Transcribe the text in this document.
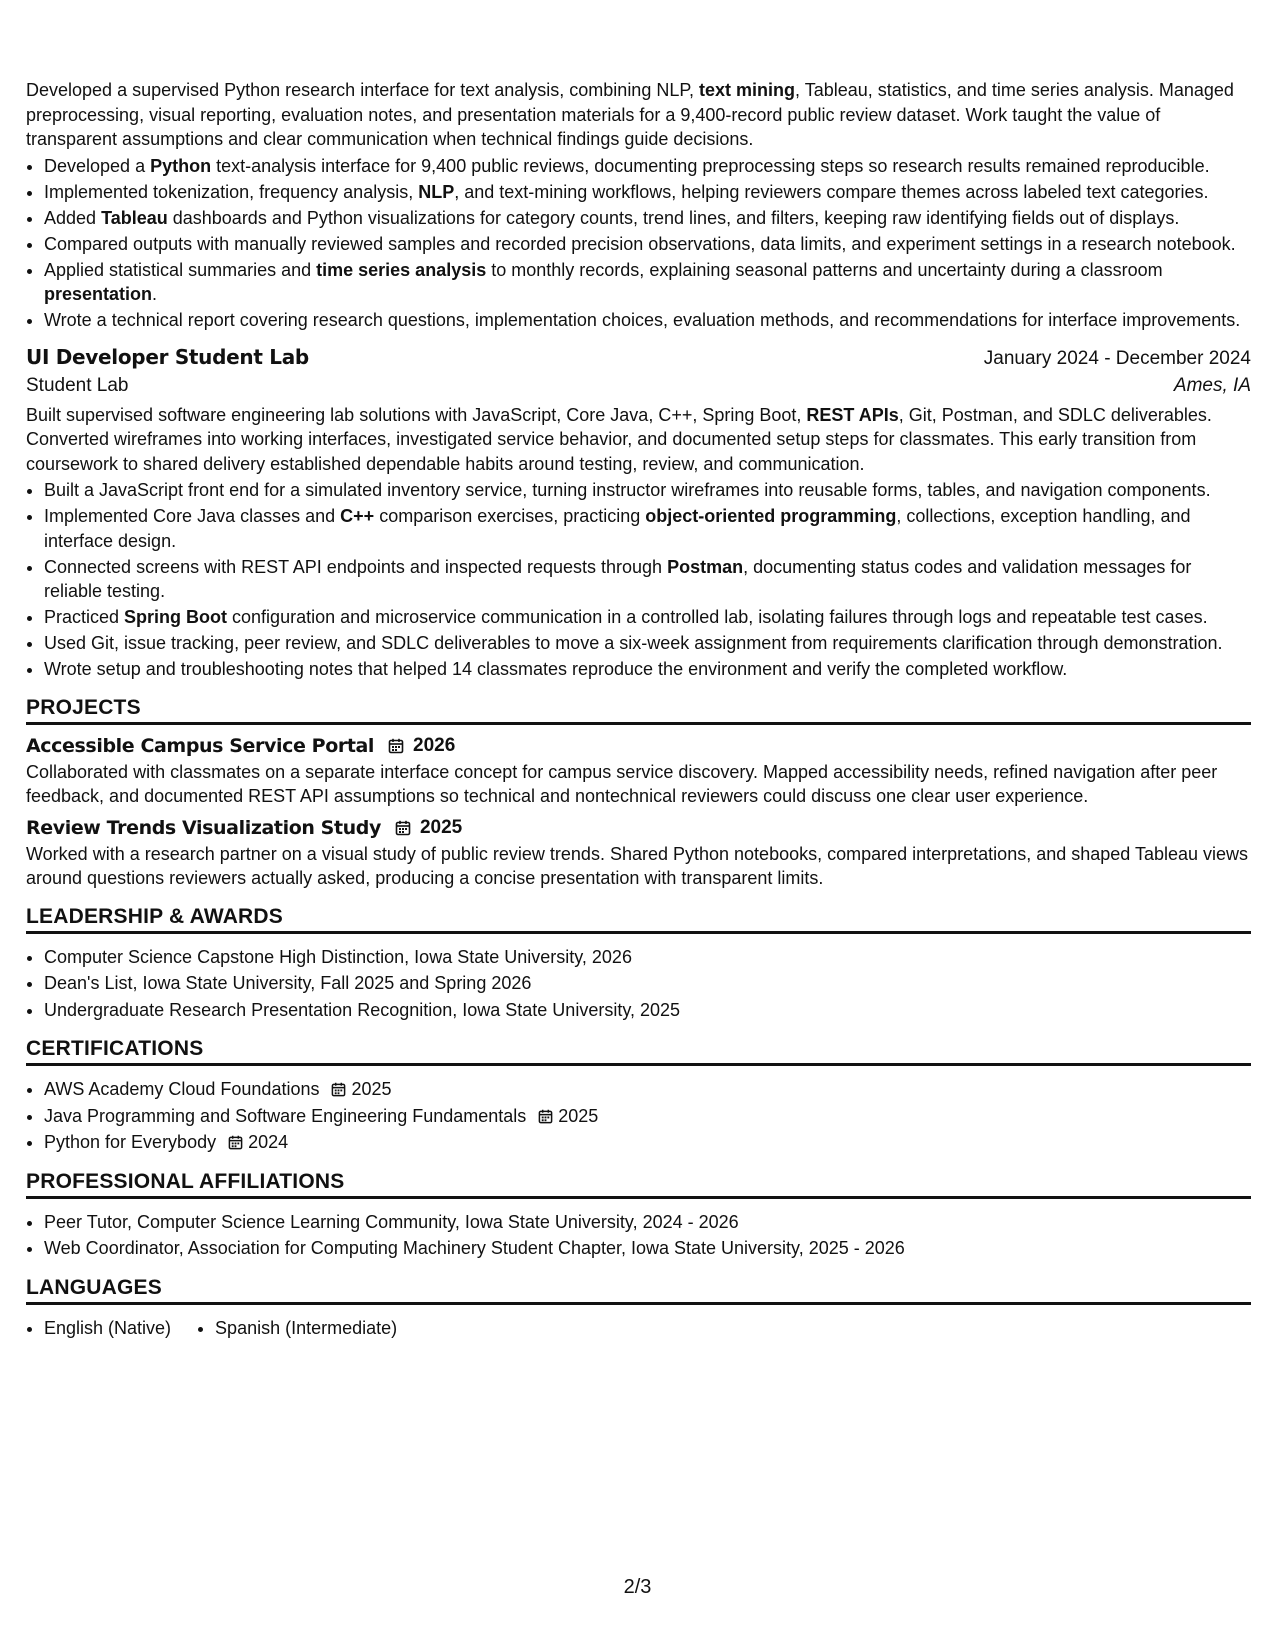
Developed a supervised Python research interface for text analysis, combining NLP, text mining, Tableau, statistics, and time series analysis. Managed preprocessing, visual reporting, evaluation notes, and presentation materials for a 9,400-record public review dataset. Work taught the value of transparent assumptions and clear communication when technical findings guide decisions.

• Developed a Python text-analysis interface for 9,400 public reviews, documenting preprocessing steps so research results remained reproducible.
• Implemented tokenization, frequency analysis, NLP, and text-mining workflows, helping reviewers compare themes across labeled text categories.
• Added Tableau dashboards and Python visualizations for category counts, trend lines, and filters, keeping raw identifying fields out of displays.
• Compared outputs with manually reviewed samples and recorded precision observations, data limits, and experiment settings in a research notebook.
• Applied statistical summaries and time series analysis to monthly records, explaining seasonal patterns and uncertainty during a classroom presentation.
• Wrote a technical report covering research questions, implementation choices, evaluation methods, and recommendations for interface improvements.
UI Developer Student Lab	January 2024 - December 2024
Student Lab	Ames, IA

Built supervised software engineering lab solutions with JavaScript, Core Java, C++, Spring Boot, REST APIs, Git, Postman, and SDLC deliverables. Converted wireframes into working interfaces, investigated service behavior, and documented setup steps for classmates. This early transition from coursework to shared delivery established dependable habits around testing, review, and communication.

• Built a JavaScript front end for a simulated inventory service, turning instructor wireframes into reusable forms, tables, and navigation components.
• Implemented Core Java classes and C++ comparison exercises, practicing object-oriented programming, collections, exception handling, and interface design.
• Connected screens with REST API endpoints and inspected requests through Postman, documenting status codes and validation messages for reliable testing.
• Practiced Spring Boot configuration and microservice communication in a controlled lab, isolating failures through logs and repeatable test cases.
• Used Git, issue tracking, peer review, and SDLC deliverables to move a six-week assignment from requirements clarification through demonstration.
• Wrote setup and troubleshooting notes that helped 14 classmates reproduce the environment and verify the completed workflow.
PROJECTS
Accessible Campus Service Portal 2026

Collaborated with classmates on a separate interface concept for campus service discovery. Mapped accessibility needs, refined navigation after peer feedback, and documented REST API assumptions so technical and nontechnical reviewers could discuss one clear user experience.

Review Trends Visualization Study 2025

Worked with a research partner on a visual study of public review trends. Shared Python notebooks, compared interpretations, and shaped Tableau views around questions reviewers actually asked, producing a concise presentation with transparent limits.

LEADERSHIP & AWARDS
• Computer Science Capstone High Distinction, Iowa State University, 2026
• Dean's List, Iowa State University, Fall 2025 and Spring 2026
• Undergraduate Research Presentation Recognition, Iowa State University, 2025
CERTIFICATIONS
• AWS Academy Cloud Foundations 2025
• Java Programming and Software Engineering Fundamentals 2025
• Python for Everybody 2024
PROFESSIONAL AFFILIATIONS
• Peer Tutor, Computer Science Learning Community, Iowa State University, 2024 - 2026
• Web Coordinator, Association for Computing Machinery Student Chapter, Iowa State University, 2025 - 2026
LANGUAGES
• English (Native)
• Spanish (Intermediate)
2/3
